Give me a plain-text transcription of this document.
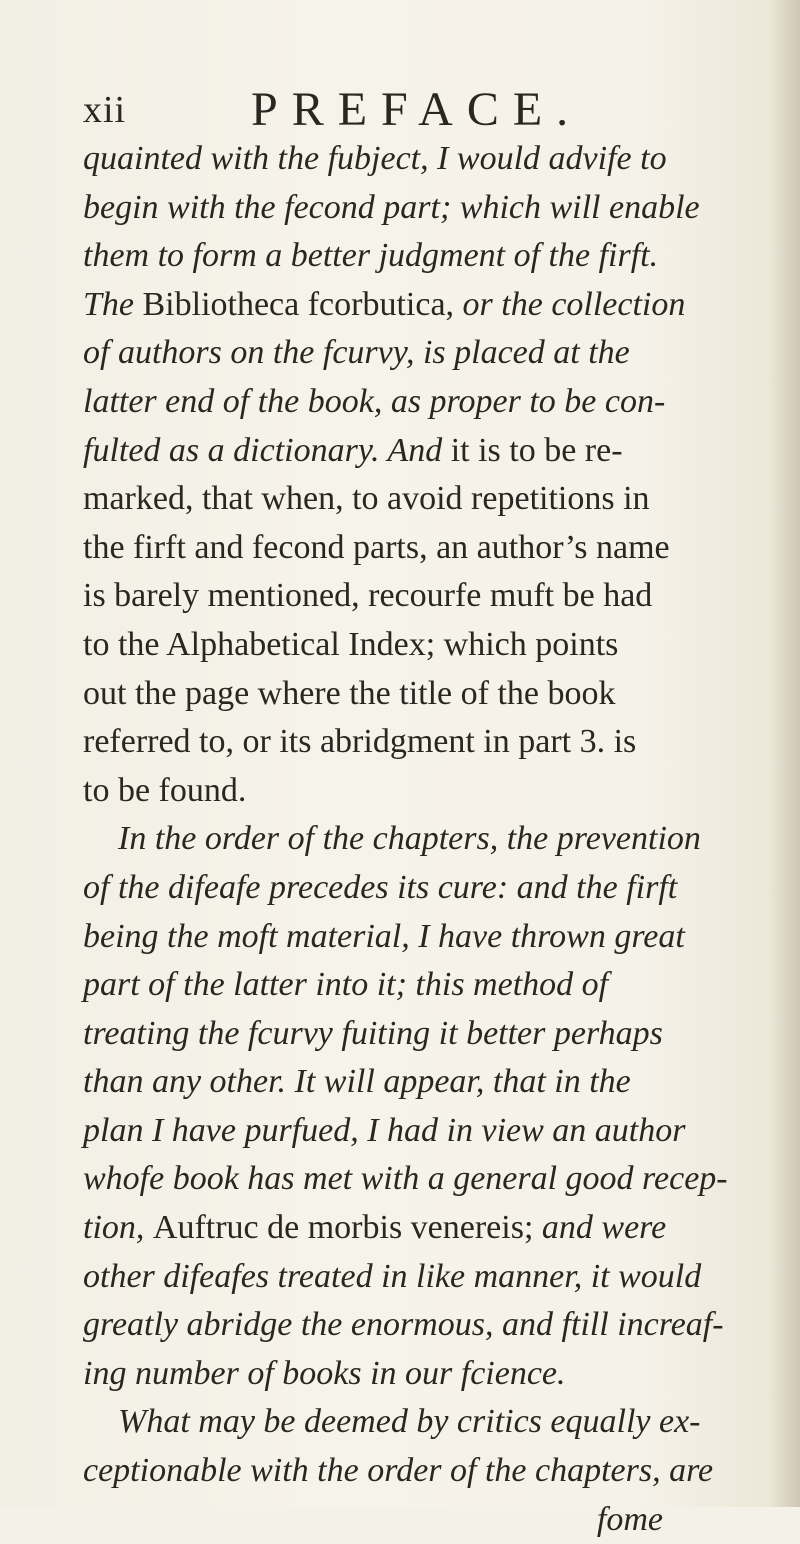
xii	PREFACE.
quainted with the fubject, I would advife to
begin with the fecond part; which will enable
them to form a better judgment of the firft.
The Bibliotheca fcorbutica, or the collection
of authors on the fcurvy, is placed at the
latter end of the book, as proper to be con-
fulted as a dictionary. And it is to be re-
marked, that when, to avoid repetitions in
the firft and fecond parts, an author’s name
is barely mentioned, recourfe muft be had
to the Alphabetical Index; which points
out the page where the title of the book
referred to, or its abridgment in part 3. is
to be found.
In the order of the chapters, the prevention
of the difeafe precedes its cure: and the firft
being the moft material, I have thrown great
part of the latter into it; this method of
treating the fcurvy fuiting it better perhaps
than any other. It will appear, that in the
plan I have purfued, I had in view an author
whofe book has met with a general good recep-
tion, Auftruc de morbis venereis; and were
other difeafes treated in like manner, it would
greatly abridge the enormous, and ftill increaf-
ing number of books in our fcience.
What may be deemed by critics equally ex-
ceptionable with the order of the chapters, are
fome
